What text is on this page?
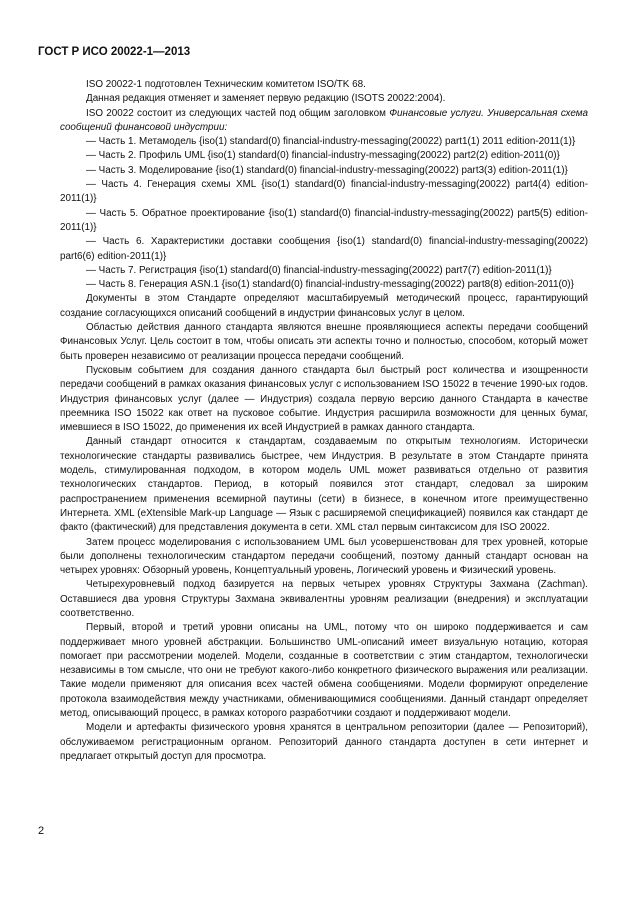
ГОСТ Р ИСО 20022-1—2013

ISO 20022-1 подготовлен Техническим комитетом ISO/TK 68.

Данная редакция отменяет и заменяет первую редакцию (ISOTS 20022:2004).

ISO 20022 состоит из следующих частей под общим заголовком Финансовые услуги. Универсальная схема сообщений финансовой индустрии:

— Часть 1. Метамодель {iso(1) standard(0) financial-industry-messaging(20022) part1(1) 2011 edition-2011(1)}

— Часть 2. Профиль UML {iso(1) standard(0) financial-industry-messaging(20022) part2(2) edition-2011(0)}

— Часть 3. Моделирование {iso(1) standard(0) financial-industry-messaging(20022) part3(3) edition-2011(1)}

— Часть 4. Генерация схемы XML {iso(1) standard(0) financial-industry-messaging(20022) part4(4) edition-2011(1)}

— Часть 5. Обратное проектирование {iso(1) standard(0) financial-industry-messaging(20022) part5(5) edition-2011(1)}

— Часть 6. Характеристики доставки сообщения {iso(1) standard(0) financial-industry-messaging(20022) part6(6) edition-2011(1)}

— Часть 7. Регистрация {iso(1) standard(0) financial-industry-messaging(20022) part7(7) edition-2011(1)}

— Часть 8. Генерация ASN.1 {iso(1) standard(0) financial-industry-messaging(20022) part8(8) edition-2011(0)}

Документы в этом Стандарте определяют масштабируемый методический процесс, гарантирующий создание согласующихся описаний сообщений в индустрии финансовых услуг в целом.

Областью действия данного стандарта являются внешне проявляющиеся аспекты передачи сообщений Финансовых Услуг. Цель состоит в том, чтобы описать эти аспекты точно и полностью, способом, который может быть проверен независимо от реализации процесса передачи сообщений.

Пусковым событием для создания данного стандарта был быстрый рост количества и изощренности передачи сообщений в рамках оказания финансовых услуг с использованием ISO 15022 в течение 1990-ых годов. Индустрия финансовых услуг (далее — Индустрия) создала первую версию данного Стандарта в качестве преемника ISO 15022 как ответ на пусковое событие. Индустрия расширила возможности для ценных бумаг, имевшиеся в ISO 15022, до применения их всей Индустрией в рамках данного стандарта.

Данный стандарт относится к стандартам, создаваемым по открытым технологиям. Исторически технологические стандарты развивались быстрее, чем Индустрия. В результате в этом Стандарте принята модель, стимулированная подходом, в котором модель UML может развиваться отдельно от развития технологических стандартов. Период, в который появился этот стандарт, следовал за широким распространением применения всемирной паутины (сети) в бизнесе, в конечном итоге преимущественно Интернета. XML (eXtensible Mark-up Language — Язык с расширяемой спецификацией) появился как стандарт де факто (фактический) для представления документа в сети. XML стал первым синтаксисом для ISO 20022.

Затем процесс моделирования с использованием UML был усовершенствован для трех уровней, которые были дополнены технологическим стандартом передачи сообщений, поэтому данный стандарт основан на четырех уровнях: Обзорный уровень, Концептуальный уровень, Логический уровень и Физический уровень.

Четырехуровневый подход базируется на первых четырех уровнях Структуры Захмана (Zachman). Оставшиеся два уровня Структуры Захмана эквивалентны уровням реализации (внедрения) и эксплуатации соответственно.

Первый, второй и третий уровни описаны на UML, потому что он широко поддерживается и сам поддерживает много уровней абстракции. Большинство UML-описаний имеет визуальную нотацию, которая помогает при рассмотрении моделей. Модели, созданные в соответствии с этим стандартом, технологически независимы в том смысле, что они не требуют какого-либо конкретного физического выражения или реализации. Такие модели применяют для описания всех частей обмена сообщениями. Модели формируют определение протокола взаимодействия между участниками, обменивающимися сообщениями. Данный стандарт определяет метод, описывающий процесс, в рамках которого разработчики создают и поддерживают модели.

Модели и артефакты физического уровня хранятся в центральном репозитории (далее — Репозиторий), обслуживаемом регистрационным органом. Репозиторий данного стандарта доступен в сети интернет и предлагает открытый доступ для просмотра.

2
